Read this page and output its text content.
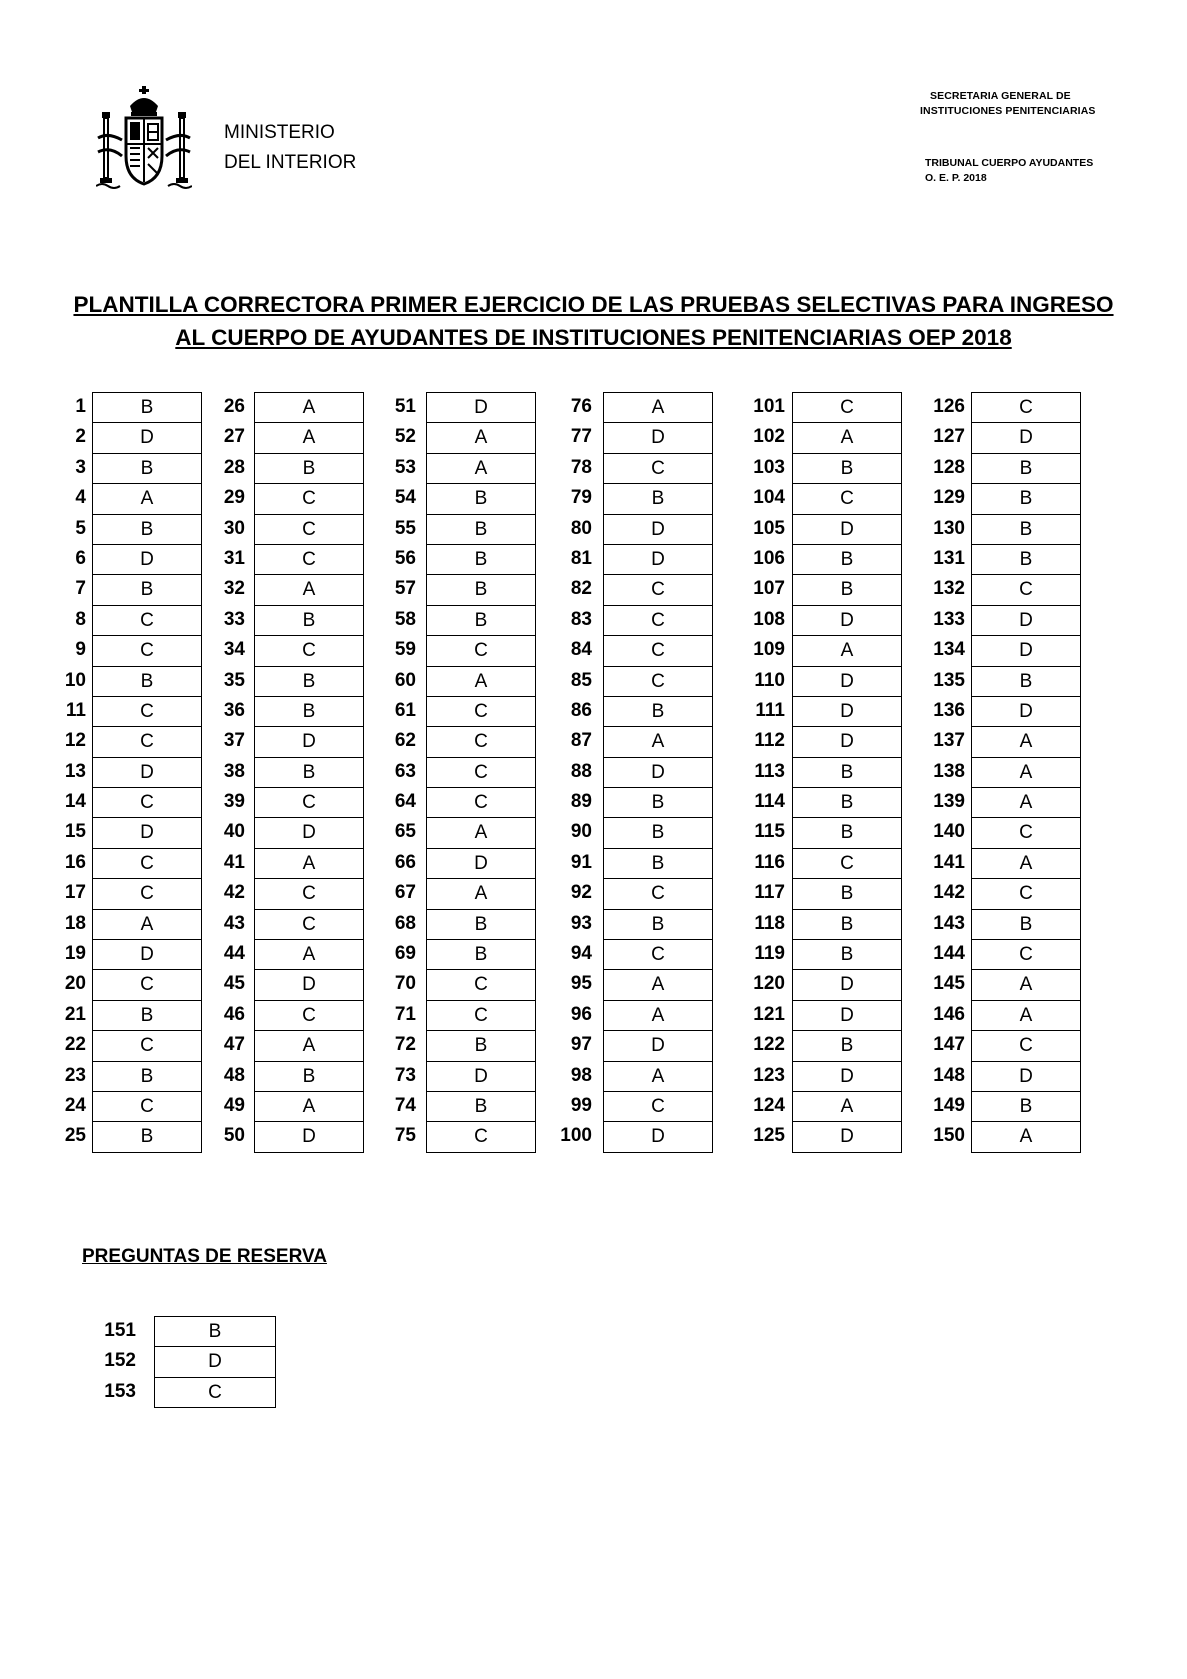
MINISTERIO
DEL INTERIOR
SECRETARIA GENERAL DE
INSTITUCIONES PENITENCIARIAS
TRIBUNAL CUERPO AYUDANTES
O. E. P. 2018
PLANTILLA CORRECTORA PRIMER EJERCICIO DE LAS PRUEBAS SELECTIVAS PARA INGRESO
AL CUERPO DE AYUDANTES DE INSTITUCIONES PENITENCIARIAS OEP 2018
1	B
2	D
3	B
4	A
5	B
6	D
7	B
8	C
9	C
10	B
11	C
12	C
13	D
14	C
15	D
16	C
17	C
18	A
19	D
20	C
21	B
22	C
23	B
24	C
25	B
26	A
27	A
28	B
29	C
30	C
31	C
32	A
33	B
34	C
35	B
36	B
37	D
38	B
39	C
40	D
41	A
42	C
43	C
44	A
45	D
46	C
47	A
48	B
49	A
50	D
51	D
52	A
53	A
54	B
55	B
56	B
57	B
58	B
59	C
60	A
61	C
62	C
63	C
64	C
65	A
66	D
67	A
68	B
69	B
70	C
71	C
72	B
73	D
74	B
75	C
76	A
77	D
78	C
79	B
80	D
81	D
82	C
83	C
84	C
85	C
86	B
87	A
88	D
89	B
90	B
91	B
92	C
93	B
94	C
95	A
96	A
97	D
98	A
99	C
100	D
101	C
102	A
103	B
104	C
105	D
106	B
107	B
108	D
109	A
110	D
111	D
112	D
113	B
114	B
115	B
116	C
117	B
118	B
119	B
120	D
121	D
122	B
123	D
124	A
125	D
126	C
127	D
128	B
129	B
130	B
131	B
132	C
133	D
134	D
135	B
136	D
137	A
138	A
139	A
140	C
141	A
142	C
143	B
144	C
145	A
146	A
147	C
148	D
149	B
150	A
PREGUNTAS DE RESERVA
151	B
152	D
153	C
